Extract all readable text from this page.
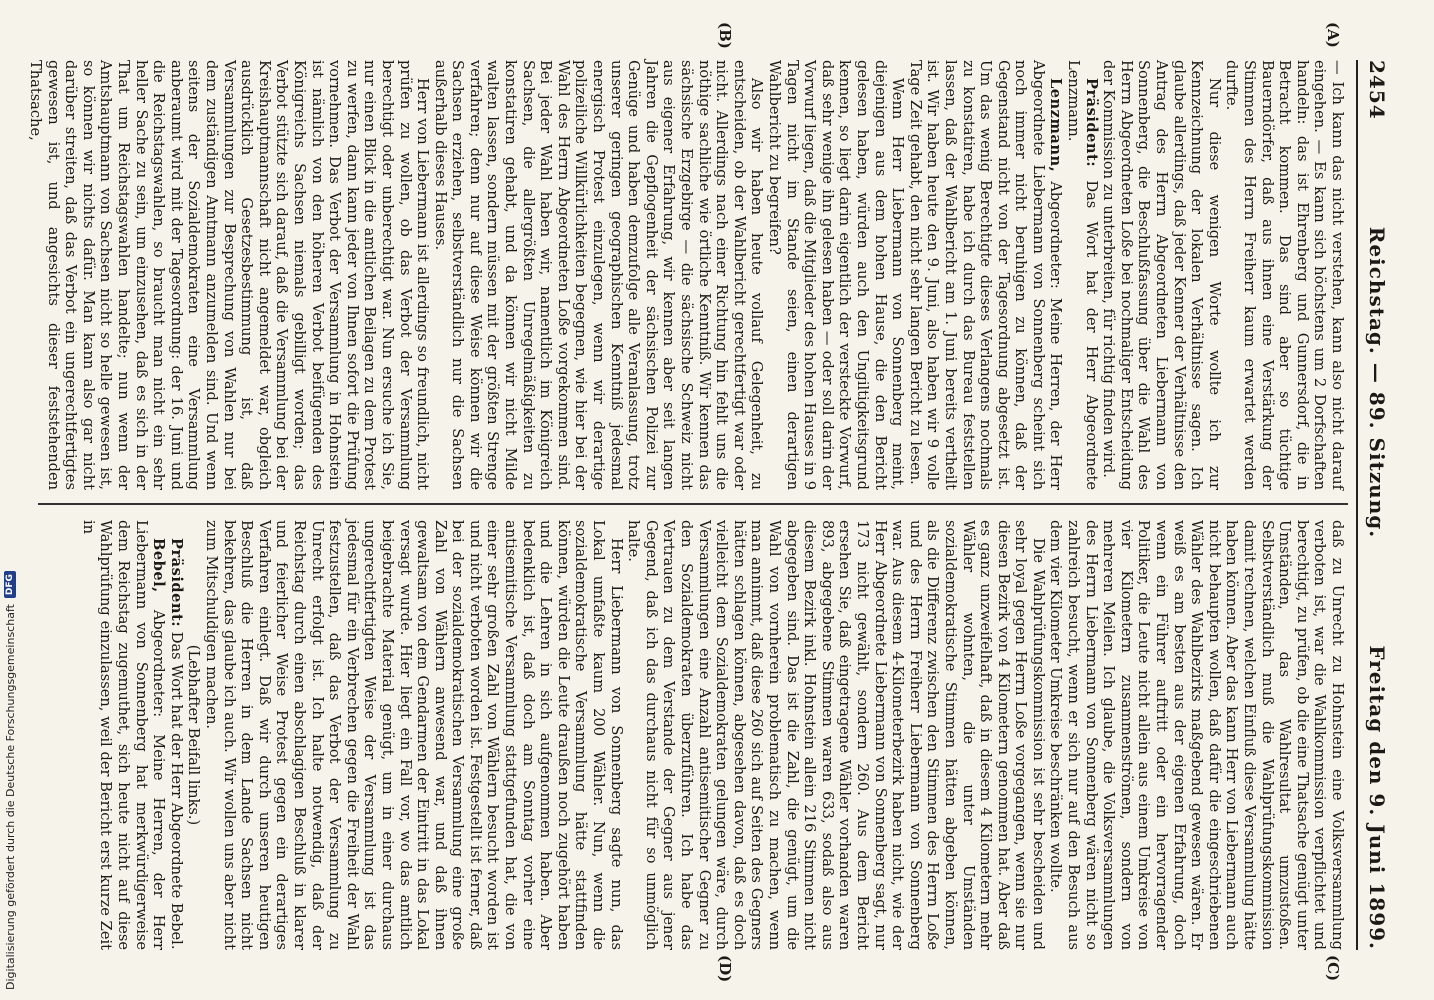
2454
Reichstag. — 89. Sitzung.
Freitag den 9. Juni 1899.
(A)
(B)
(C)
(D)

— Ich kann das nicht verstehen, kann also nicht darauf eingehen. — Es kann sich höchstens um 2 Dorfschaften handeln: das ist Ehrenberg und Gunnersdorf, die in Betracht kommen. Das sind aber so tüchtige Bauerndörfer, daß aus ihnen eine Verstärkung der Stimmen des Herrn Freiherr kaum erwartet werden durfte.

Nur diese wenigen Worte wollte ich zur Kennzeichnung der lokalen Verhältnisse sagen. Ich glaube allerdings, daß jeder Kenner der Verhältnisse den Antrag des Herrn Abgeordneten Liebermann von Sonnenberg, die Beschlußfassung über die Wahl des Herrn Abgeordneten Loße bei nochmaliger Entscheidung der Kommission zu unterbreiten, für richtig finden wird.

Präsident: Das Wort hat der Herr Abgeordnete Lenzmann.

Lenzmann, Abgeordneter: Meine Herren, der Herr Abgeordnete Liebermann von Sonnenberg scheint sich noch immer nicht beruhigen zu können, daß der Gegenstand nicht von der Tagesordnung abgesetzt ist. Um das wenig Berechtigte dieses Verlangens nochmals zu konstatiren, habe ich durch das Bureau feststellen lassen, daß der Wahlbericht am 1. Juni bereits vertheilt ist. Wir haben heute den 9. Juni, also haben wir 9 volle Tage Zeit gehabt, den nicht sehr langen Bericht zu lesen.

Wenn Herr Liebermann von Sonnenberg meint, diejenigen aus dem hohen Hause, die den Bericht gelesen haben, würden auch den Ungiltigkeitsgrund kennen, so liegt darin eigentlich der versteckte Vorwurf, daß sehr wenige ihn gelesen haben — oder soll darin der Vorwurf liegen, daß die Mitglieder des hohen Hauses in 9 Tagen nicht im Stande seien, einen derartigen Wahlbericht zu begreifen?

Also wir haben heute vollauf Gelegenheit, zu entscheiden, ob der Wahlbericht gerechtfertigt war oder nicht. Allerdings nach einer Richtung hin fehlt uns die nöthige sachliche wie örtliche Kenntniß. Wir kennen das sächsische Erzgebirge — die sächsische Schweiz nicht aus eigener Erfahrung, wir kennen aber seit langen Jahren die Gepflogenheit der sächsischen Polizei zur Genüge und haben demzufolge alle Veranlassung, trotz unserer geringen geographischen Kenntniß jedesmal energisch Protest einzulegen, wenn wir derartige polizeiliche Willkürlichkeiten begegnen, wie hier bei der Wahl des Herrn Abgeordneten Loße vorgekommen sind. Bei jeder Wahl haben wir, namentlich im Königreich Sachsen, die allergrößten Unregelmäßigkeiten zu konstatiren gehabt, und da können wir nicht Milde walten lassen, sondern müssen mit der größten Strenge verfahren; denn nur auf diese Weise können wir die Sachsen erziehen, selbstverständlich nur die Sachsen außerhalb dieses Hauses.

Herr von Liebermann ist allerdings so freundlich, nicht prüfen zu wollen, ob das Verbot der Versammlung berechtigt oder unberechtigt war. Nun ersuche ich Sie, nur einen Blick in die amtlichen Beilagen zu dem Protest zu werfen, dann kann jeder von Ihnen sofort die Prüfung vornehmen. Das Verbot der Versammlung in Hohnstein ist nämlich von den höheren Verbot beifügenden des Königreichs Sachsen niemals gebilligt worden; das Verbot stützte sich darauf, daß die Versammlung bei der Kreishauptmannschaft nicht angemeldet war, obgleich ausdrücklich Gesetzesbestimmung ist, daß Versammlungen zur Besprechung von Wahlen nur bei dem zuständigen Amtmann anzumelden sind. Und wenn seitens der Sozialdemokraten eine Versammlung anberaumt wird mit der Tagesordnung: der 16. Juni und die Reichstagswahlen, so braucht man nicht ein sehr heller Sache zu sein, um einzusehen, daß es sich in der That um Reichstagswahlen handelte; nun wenn der Amtshauptmann von Sachsen nicht so helle gewesen ist, so können wir nichts dafür. Man kann also gar nicht darüber streiten, daß das Verbot ein ungerechtfertigtes gewesen ist, und angesichts dieser feststehenden Thatsache,

daß zu Unrecht zu Hohnstein eine Volksversammlung verboten ist, war die Wahlkommission verpflichtet und berechtigt, zu prüfen, ob die eine Thatsache genügt unter Umständen, das Wahlresultat umzustoßen. Selbstverständlich muß die Wahlprüfungskommission damit rechnen, welchen Einfluß diese Versammlung hätte haben können. Aber das kann Herr von Liebermann auch nicht behaupten wollen, daß dafür die eingeschriebenen Wähler des Wahlbezirks maßgebend gewesen wären. Er weiß es am besten aus der eigenen Erfahrung, doch wenn ein Führer auftritt oder ein hervorragender Politiker, die Leute nicht allein aus einem Umkreise von vier Kilometern zusammenströmen, sondern von mehreren Meilen. Ich glaube, die Volksversammlungen des Herrn Liebermann von Sonnenberg wären nicht so zahlreich besucht, wenn er sich nur auf den Besuch aus dem vier Kilometer Umkreise beschränken wollte.

Die Wahlprüfungskommission ist sehr bescheiden und sehr loyal gegen Herrn Loße vorgegangen, wenn sie nur diesen Bezirk von 4 Kilometern genommen hat. Aber daß es ganz unzweifelhaft, daß in diesem 4 Kilometern mehr Wähler wohnten, die unter Umständen sozialdemokratische Stimmen hätten abgeben können, als die Differenz zwischen den Stimmen des Herrn Loße und des Herrn Freiherr Liebermann von Sonnenberg war. Aus diesem 4-Kilometerbezirk haben nicht, wie der Herr Abgeordnete Liebermann von Sonnenberg sagt, nur 173 nicht gewählt, sondern 260. Aus dem Bericht ersehen Sie, daß eingetragene Wähler vorhanden waren 893, abgegebene Stimmen waren 633, sodaß also aus diesem Bezirk inkl. Hohnstein allein 216 Stimmen nicht abgegeben sind. Das ist die Zahl, die genügt, um die Wahl von vornherein problematisch zu machen, wenn man annimmt, daß diese 260 sich auf Seiten des Gegners hätten schlagen können, abgesehen davon, daß es doch vielleicht dem Sozialdemokraten gelungen wäre, durch Versammlungen eine Anzahl antisemitischer Gegner zu den Sozialdemokraten überzuführen. Ich habe das Vertrauen zu dem Verstande der Gegner aus jener Gegend, daß ich das durchaus nicht für so unmöglich halte.

Herr Liebermann von Sonnenberg sagte nun, das Lokal umfaßte kaum 200 Wähler. Nun, wenn die sozialdemokratische Versammlung hätte stattfinden können, würden die Leute draußen noch zugehört haben und die Lehren in sich aufgenommen haben. Aber bedenklich ist, daß doch am Sonntag vorher eine antisemitische Versammlung stattgefunden hat, die von einer sehr großen Zahl von Wählern besucht worden ist und nicht verboten worden ist. Festgestellt ist ferner, daß bei der sozialdemokratischen Versammlung eine große Zahl von Wählern anwesend war, und daß ihnen gewaltsam von dem Gendarmen der Eintritt in das Lokal versagt wurde. Hier liegt ein Fall vor, wo das amtlich beigebrachte Material genügt, um in einer durchaus ungerechtfertigten Weise der Versammlung ist das jedesmal für ein Verbrechen gegen die Freiheit der Wahl festzustellen, daß das Verbot der Versammlung zu Unrecht erfolgt ist. Ich halte notwendig, daß der Reichstag durch einen abschlagigen Beschluß in klarer und feierlicher Weise Protest gegen ein derartiges Verfahren einlegt. Daß wir durch unseren heutigen Beschluß die Herren in dem Lande Sachsen nicht bekehren, das glaube ich auch. Wir wollen uns aber nicht zum Mitschuldigen machen.

(Lebhafter Beifall links.)

Präsident: Das Wort hat der Herr Abgeordnete Bebel.

Bebel, Abgeordneter: Meine Herren, der Herr Liebermann von Sonnenberg hat merkwürdigerweise dem Reichstag zugemuthet, sich heute nicht auf diese Wahlprüfung einzulassen, weil der Bericht erst kurze Zeit in

Digitalisierung gefördert durch die Deutsche Forschungsgemeinschaft
DFG
